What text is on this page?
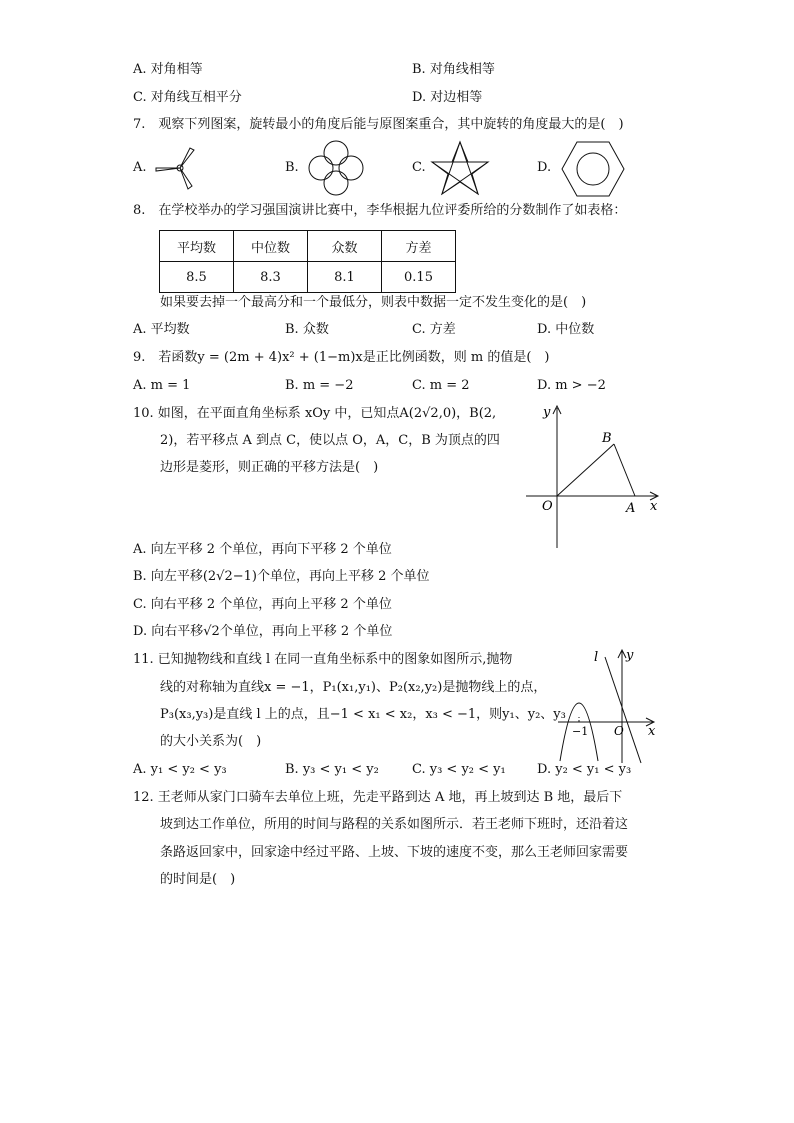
A. 对角相等	B. 对角线相等
C. 对角线互相平分	D. 对边相等
7.　观察下列图案，旋转最小的角度后能与原图案重合，其中旋转的角度最大的是(　)
A.	B.	C.	D.
8.　在学校举办的学习强国演讲比赛中，李华根据九位评委所给的分数制作了如表格：
平均数	中位数	众数	方差
8.5	8.3	8.1	0.15
如果要去掉一个最高分和一个最低分，则表中数据一定不发生变化的是(　)
A. 平均数	B. 众数	C. 方差	D. 中位数
9.　若函数y = (2m + 4)x² + (1−m)x是正比例函数，则 m 的值是(　)
A. m = 1	B. m = −2	C. m = 2	D. m > −2
10. 如图，在平面直角坐标系 xOy 中，已知点A(2√2,0)，B(2,
2)，若平移点 A 到点 C，使以点 O，A，C，B 为顶点的四
边形是菱形，则正确的平移方法是(　)
y
x
O	A
B
A. 向左平移 2 个单位，再向下平移 2 个单位
B. 向左平移(2√2−1)个单位，再向上平移 2 个单位
C. 向右平移 2 个单位，再向上平移 2 个单位
D. 向右平移√2个单位，再向上平移 2 个单位
11. 已知抛物线和直线 l 在同一直角坐标系中的图象如图所示,抛物
线的对称轴为直线x = −1，P₁(x₁,y₁)、P₂(x₂,y₂)是抛物线上的点，
P₃(x₃,y₃)是直线 l 上的点，且−1 < x₁ < x₂，x₃ < −1，则y₁、y₂、y₃
的大小关系为(　)
l y
x
O
−1
A. y₁ < y₂ < y₃	B. y₃ < y₁ < y₂	C. y₃ < y₂ < y₁ D. y₂ < y₁ < y₃
12. 王老师从家门口骑车去单位上班，先走平路到达 A 地，再上坡到达 B 地，最后下
坡到达工作单位，所用的时间与路程的关系如图所示．若王老师下班时，还沿着这
条路返回家中，回家途中经过平路、上坡、下坡的速度不变，那么王老师回家需要
的时间是(　)
